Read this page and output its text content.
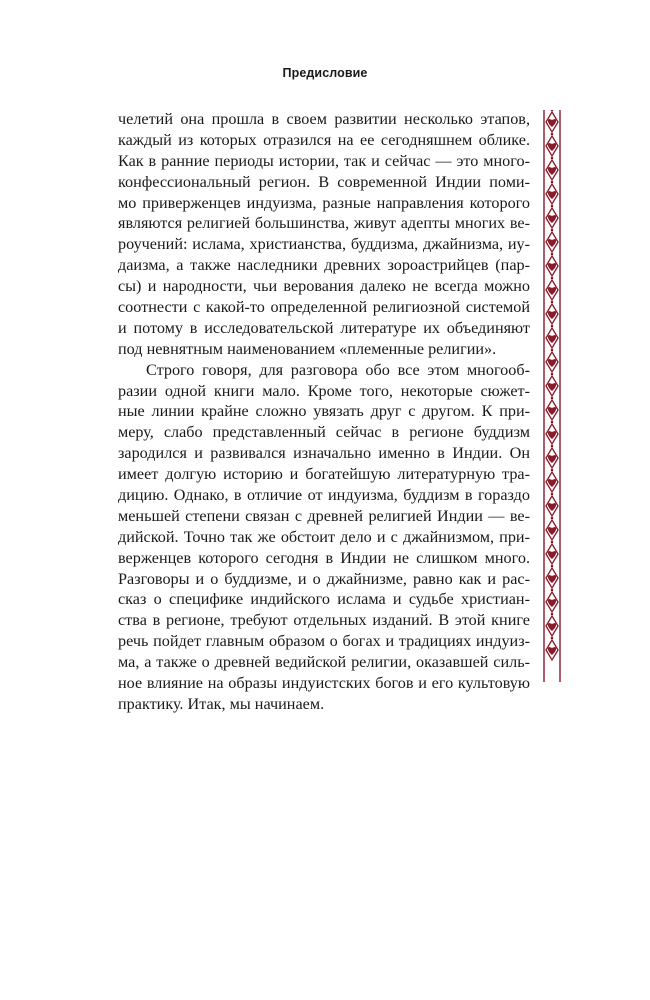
Предисловие
челетий она прошла в своем развитии несколько этапов,
каждый из которых отразился на ее сегодняшнем облике.
Как в ранние периоды истории, так и сейчас — это много-
конфессиональный регион. В современной Индии поми-
мо приверженцев индуизма, разные направления которого
являются религией большинства, живут адепты многих ве-
роучений: ислама, христианства, буддизма, джайнизма, иу-
даизма, а также наследники древних зороастрийцев (пар-
сы) и народности, чьи верования далеко не всегда можно
соотнести с какой-то определенной религиозной системой
и потому в исследовательской литературе их объединяют
под невнятным наименованием «племенные религии».
Строго говоря, для разговора обо все этом многооб-
разии одной книги мало. Кроме того, некоторые сюжет-
ные линии крайне сложно увязать друг с другом. К при-
меру, слабо представленный сейчас в регионе буддизм
зародился и развивался изначально именно в Индии. Он
имеет долгую историю и богатейшую литературную тра-
дицию. Однако, в отличие от индуизма, буддизм в гораздо
меньшей степени связан с древней религией Индии — ве-
дийской. Точно так же обстоит дело и с джайнизмом, при-
верженцев которого сегодня в Индии не слишком много.
Разговоры и о буддизме, и о джайнизме, равно как и рас-
сказ о специфике индийского ислама и судьбе христиан-
ства в регионе, требуют отдельных изданий. В этой книге
речь пойдет главным образом о богах и традициях индуиз-
ма, а также о древней ведийской религии, оказавшей силь-
ное влияние на образы индуистских богов и его культовую
практику. Итак, мы начинаем.
